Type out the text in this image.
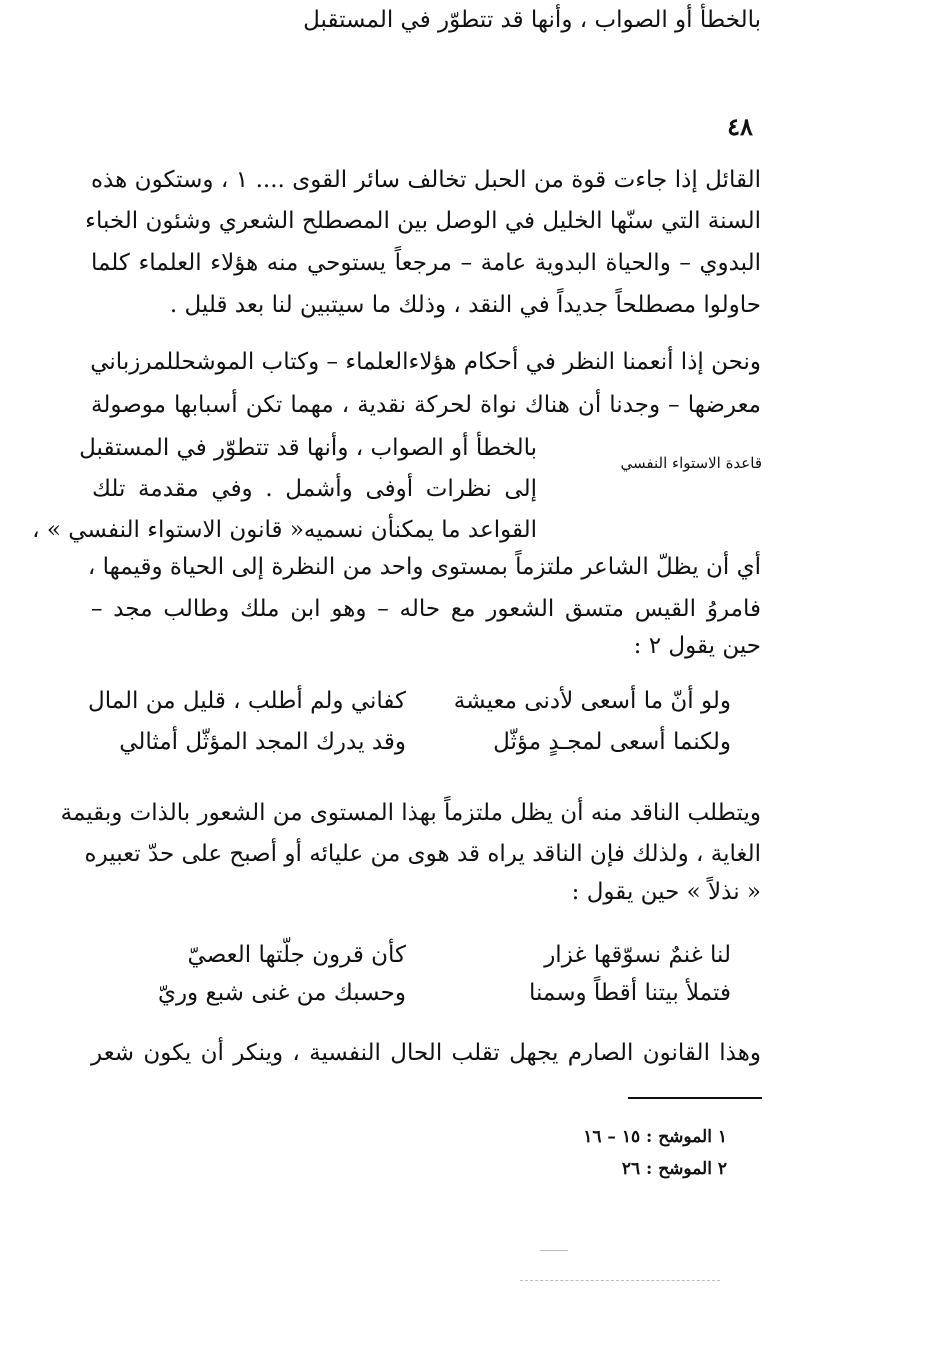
٤٨
القائل إذا جاءت قوة من الحبل تخالف سائر القوى .... ١ ، وستكون هذه
السنة التي سنّها الخليل في الوصل بين المصطلح الشعري وشئون الخباء
البدوي – والحياة البدوية عامة – مرجعاً يستوحي منه هؤلاء العلماء كلما
حاولوا مصطلحاً جديداً في النقد ، وذلك ما سيتبين لنا بعد قليل .
ونحن إذا أنعمنا النظر في أحكام هؤلاءالعلماء – وكتاب الموشحللمرزباني
معرضها – وجدنا أن هناك نواة لحركة نقدية ، مهما تكن أسبابها موصولة
بالخطأ أو الصواب ، وأنها قد تتطوّر في المستقبل
بالخطأ أو الصواب ، وأنها قد تتطوّر في المستقبل
إلى نظرات أوفى وأشمل . وفي مقدمة تلك
القواعد ما يمكنأن نسميه« قانون الاستواء النفسي » ،
قاعدة الاستواء النفسي
أي أن يظلّ الشاعر ملتزماً بمستوى واحد من النظرة إلى الحياة وقيمها ،
فامروُ القيس متسق الشعور مع حاله – وهو ابن ملك وطالب مجد –
حين يقول ٢ :
ولو أنّ ما أسعى لأدنى معيشة
كفاني ولم أطلب ، قليل من المال
ولكنما أسعى لمجـدٍ مؤثّل
وقد يدرك المجد المؤثّل أمثالي
ويتطلب الناقد منه أن يظل ملتزماً بهذا المستوى من الشعور بالذات وبقيمة
الغاية ، ولذلك فإن الناقد يراه قد هوى من عليائه أو أصبح على حدّ تعبيره
« نذلاً » حين يقول :
لنا غنمٌ نسوّقها غزار
كأن قرون جلّتها العصيّ
فتملأ بيتنا أقطاً وسمنا
وحسبك من غنى شبع وريّ
وهذا القانون الصارم يجهل تقلب الحال النفسية ، وينكر أن يكون شعر
١ الموشح : ١٥ – ١٦
٢ الموشح : ٢٦
